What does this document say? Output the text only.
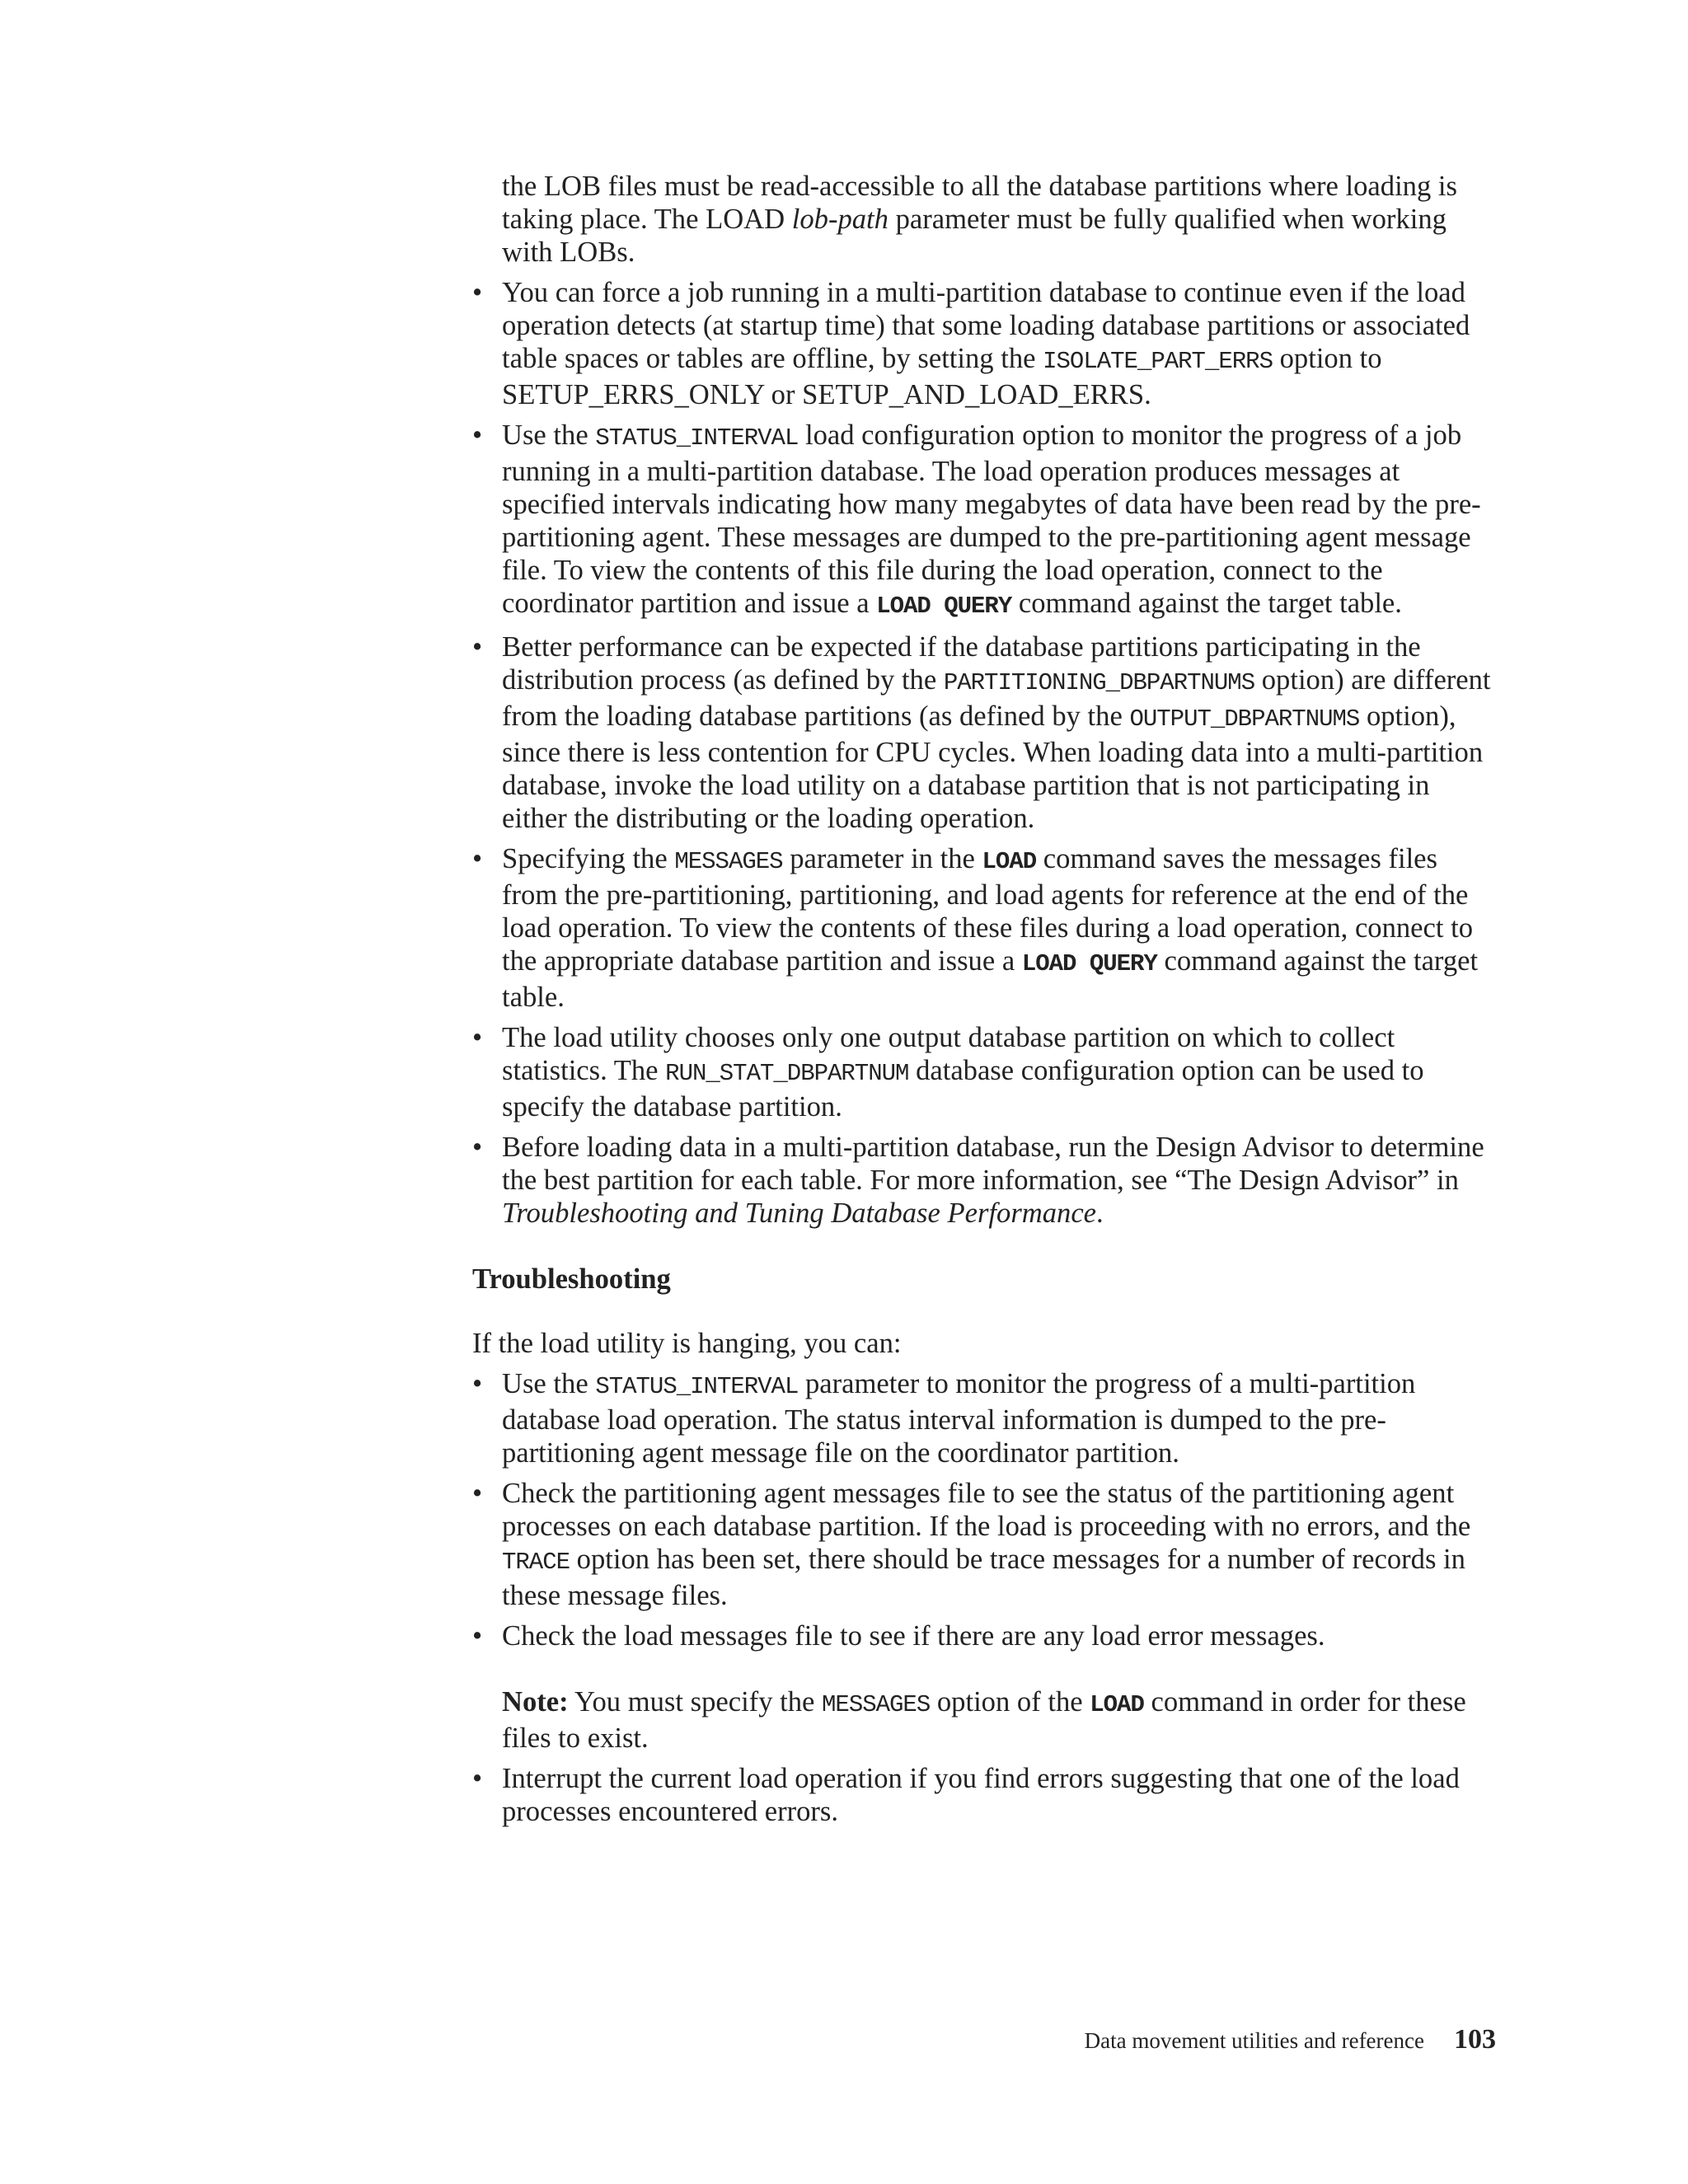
the LOB files must be read-accessible to all the database partitions where loading is taking place. The LOAD lob-path parameter must be fully qualified when working with LOBs.

• You can force a job running in a multi-partition database to continue even if the load operation detects (at startup time) that some loading database partitions or associated table spaces or tables are offline, by setting the ISOLATE_PART_ERRS option to SETUP_ERRS_ONLY or SETUP_AND_LOAD_ERRS.
• Use the STATUS_INTERVAL load configuration option to monitor the progress of a job running in a multi-partition database. The load operation produces messages at specified intervals indicating how many megabytes of data have been read by the pre-partitioning agent. These messages are dumped to the pre-partitioning agent message file. To view the contents of this file during the load operation, connect to the coordinator partition and issue a LOAD QUERY command against the target table.
• Better performance can be expected if the database partitions participating in the distribution process (as defined by the PARTITIONING_DBPARTNUMS option) are different from the loading database partitions (as defined by the OUTPUT_DBPARTNUMS option), since there is less contention for CPU cycles. When loading data into a multi-partition database, invoke the load utility on a database partition that is not participating in either the distributing or the loading operation.
• Specifying the MESSAGES parameter in the LOAD command saves the messages files from the pre-partitioning, partitioning, and load agents for reference at the end of the load operation. To view the contents of these files during a load operation, connect to the appropriate database partition and issue a LOAD QUERY command against the target table.
• The load utility chooses only one output database partition on which to collect statistics. The RUN_STAT_DBPARTNUM database configuration option can be used to specify the database partition.
• Before loading data in a multi-partition database, run the Design Advisor to determine the best partition for each table. For more information, see “The Design Advisor” in Troubleshooting and Tuning Database Performance.
Troubleshooting

If the load utility is hanging, you can:

• Use the STATUS_INTERVAL parameter to monitor the progress of a multi-partition database load operation. The status interval information is dumped to the pre-partitioning agent message file on the coordinator partition.
• Check the partitioning agent messages file to see the status of the partitioning agent processes on each database partition. If the load is proceeding with no errors, and the TRACE option has been set, there should be trace messages for a number of records in these message files.
• Check the load messages file to see if there are any load error messages.

Note: You must specify the MESSAGES option of the LOAD command in order for these files to exist.

• Interrupt the current load operation if you find errors suggesting that one of the load processes encountered errors.
Data movement utilities and reference 103
